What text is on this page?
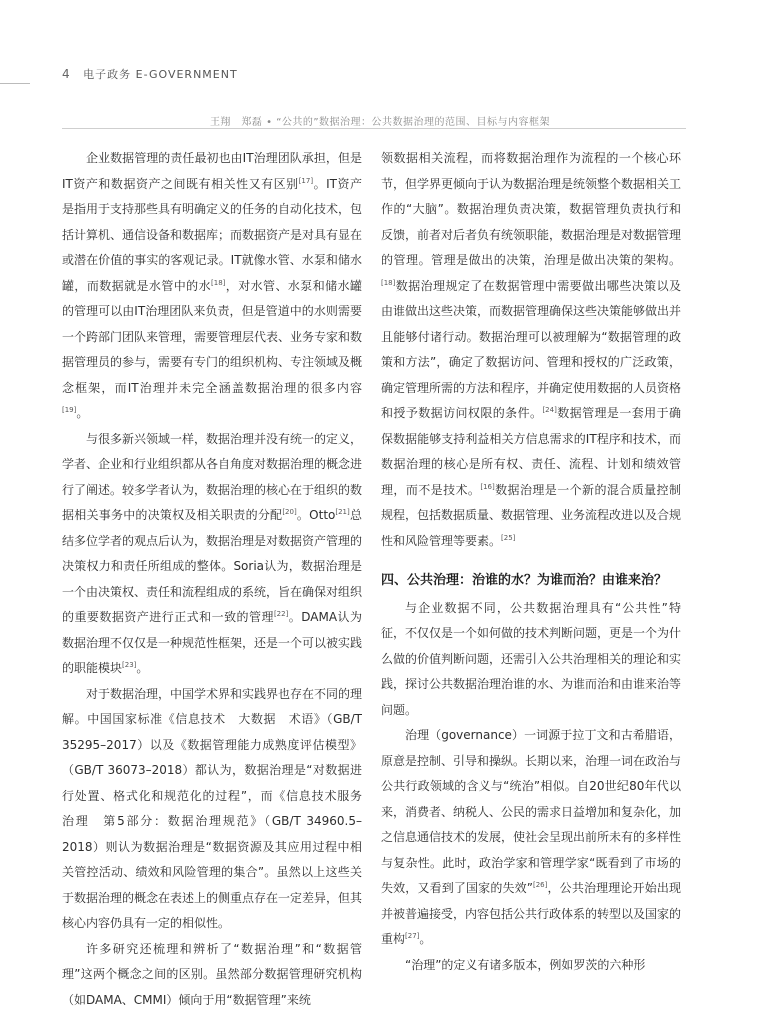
4 电子政务 E-GOVERNMENT
王翔　郑磊 • “公共的”数据治理：公共数据治理的范围、目标与内容框架

企业数据管理的责任最初也由IT治理团队承担，但是IT资产和数据资产之间既有相关性又有区别[17]。IT资产是指用于支持那些具有明确定义的任务的自动化技术，包括计算机、通信设备和数据库；而数据资产是对具有显在或潜在价值的事实的客观记录。IT就像水管、水泵和储水罐，而数据就是水管中的水[18]，对水管、水泵和储水罐的管理可以由IT治理团队来负责，但是管道中的水则需要一个跨部门团队来管理，需要管理层代表、业务专家和数据管理员的参与，需要有专门的组织机构、专注领域及概念框架，而IT治理并未完全涵盖数据治理的很多内容[19]。

与很多新兴领域一样，数据治理并没有统一的定义，学者、企业和行业组织都从各自角度对数据治理的概念进行了阐述。较多学者认为，数据治理的核心在于组织的数据相关事务中的决策权及相关职责的分配[20]。Otto[21]总结多位学者的观点后认为，数据治理是对数据资产管理的决策权力和责任所组成的整体。Soria认为，数据治理是一个由决策权、责任和流程组成的系统，旨在确保对组织的重要数据资产进行正式和一致的管理[22]。DAMA认为数据治理不仅仅是一种规范性框架，还是一个可以被实践的职能模块[23]。

对于数据治理，中国学术界和实践界也存在不同的理解。中国国家标准《信息技术　大数据　术语》（GB/T 35295–2017）以及《数据管理能力成熟度评估模型》（GB/T 36073–2018）都认为，数据治理是“对数据进行处置、格式化和规范化的过程”，而《信息技术服务　治理　第5部分：数据治理规范》（GB/T 34960.5–2018）则认为数据治理是“数据资源及其应用过程中相关管控活动、绩效和风险管理的集合”。虽然以上这些关于数据治理的概念在表述上的侧重点存在一定差异，但其核心内容仍具有一定的相似性。

许多研究还梳理和辨析了“数据治理”和“数据管理”这两个概念之间的区别。虽然部分数据管理研究机构（如DAMA、CMMI）倾向于用“数据管理”来统

领数据相关流程，而将数据治理作为流程的一个核心环节，但学界更倾向于认为数据治理是统领整个数据相关工作的“大脑”。数据治理负责决策，数据管理负责执行和反馈，前者对后者负有统领职能，数据治理是对数据管理的管理。管理是做出的决策，治理是做出决策的架构。[18]数据治理规定了在数据管理中需要做出哪些决策以及由谁做出这些决策，而数据管理确保这些决策能够做出并且能够付诸行动。数据治理可以被理解为“数据管理的政策和方法”，确定了数据访问、管理和授权的广泛政策，确定管理所需的方法和程序，并确定使用数据的人员资格和授予数据访问权限的条件。[24]数据管理是一套用于确保数据能够支持利益相关方信息需求的IT程序和技术，而数据治理的核心是所有权、责任、流程、计划和绩效管理，而不是技术。[16]数据治理是一个新的混合质量控制规程，包括数据质量、数据管理、业务流程改进以及合规性和风险管理等要素。[25]

四、公共治理：治谁的水？为谁而治？由谁来治？

与企业数据不同，公共数据治理具有“公共性”特征，不仅仅是一个如何做的技术判断问题，更是一个为什么做的价值判断问题，还需引入公共治理相关的理论和实践，探讨公共数据治理治谁的水、为谁而治和由谁来治等问题。

治理（governance）一词源于拉丁文和古希腊语，原意是控制、引导和操纵。长期以来，治理一词在政治与公共行政领域的含义与“统治”相似。自20世纪80年代以来，消费者、纳税人、公民的需求日益增加和复杂化，加之信息通信技术的发展，使社会呈现出前所未有的多样性与复杂性。此时，政治学家和管理学家“既看到了市场的失效，又看到了国家的失效”[26]，公共治理理论开始出现并被普遍接受，内容包括公共行政体系的转型以及国家的重构[27]。

“治理”的定义有诸多版本，例如罗茨的六种形
